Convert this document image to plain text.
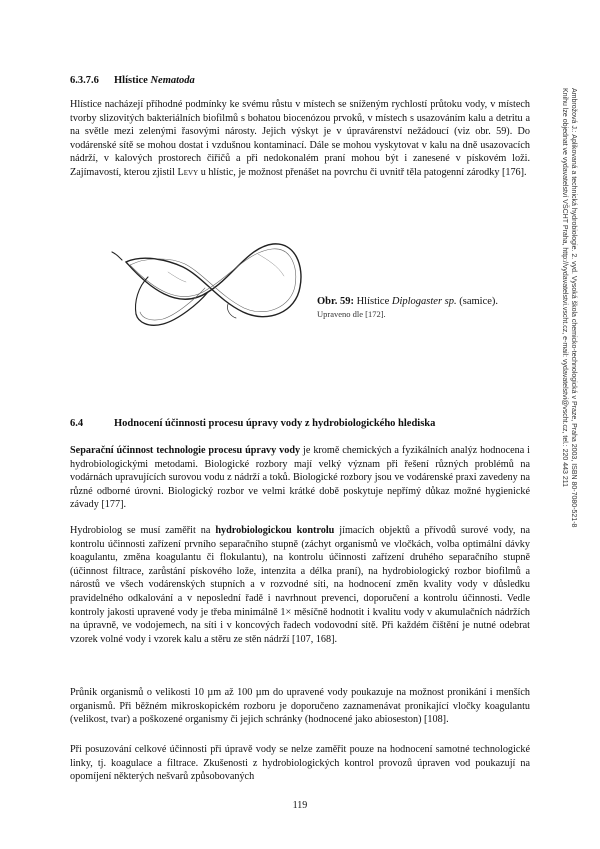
6.3.7.6 Hlístice Nematoda
Hlístice nacházejí příhodné podmínky ke svému růstu v místech se sníženým rychlostí průtoku vody, v místech tvorby slizovitých bakteriálních biofilmů s bohatou biocenózou prvoků, v místech s usazováním kalu a detritu a na světle mezi zelenými řasovými nárosty. Jejich výskyt je v úpravárenství nežádoucí (viz obr. 59). Do vodárenské sítě se mohou dostat i vzdušnou kontaminací. Dále se mohou vyskytovat v kalu na dně usazovacích nádrží, v kalových prostorech čiřičů a při nedokonalém praní mohou být i zanesené v pískovém loži. Zajímavostí, kterou zjistil Levy u hlístic, je možnost přenášet na povrchu či uvnitř těla patogenní zárodky [176].
Obr. 59: Hlístice Diplogaster sp. (samice).
Upraveno dle [172].
6.4	Hodnocení účinnosti procesu úpravy vody z hydrobiologického hlediska
Separační účinnost technologie procesu úpravy vody je kromě chemických a fyzikálních analýz hodnocena i hydrobiologickými metodami. Biologické rozbory mají velký význam při řešení různých problémů na vodárnách upravujících surovou vodu z nádrží a toků. Biologické rozbory jsou ve vodárenské praxi zavedeny na různé odborné úrovni. Biologický rozbor ve velmi krátké době poskytuje nepřímý důkaz možné hygienické závady [177].
Hydrobiolog se musí zaměřit na hydrobiologickou kontrolu jímacích objektů a přívodů surové vody, na kontrolu účinnosti zařízení prvního separačního stupně (záchyt organismů ve vločkách, volba optimální dávky koagulantu, změna koagulantu či flokulantu), na kontrolu účinnosti zařízení druhého separačního stupně (účinnost filtrace, zarůstání pískového lože, intenzita a délka praní), na hydrobiologický rozbor biofilmů a nárostů ve všech vodárenských stupních a v rozvodné síti, na hodnocení změn kvality vody v důsledku pravidelného odkalování a v neposlední řadě i navrhnout prevenci, doporučení a kontrolu účinnosti. Vedle kontroly jakosti upravené vody je třeba minimálně 1× měsíčně hodnotit i kvalitu vody v akumulačních nádržích na úpravně, ve vodojemech, na síti i v koncových řadech vodovodní sítě. Při každém čištění je nutné odebrat vzorek volné vody i vzorek kalu a stěru ze stěn nádrží [107, 168].
Průnik organismů o velikosti 10 µm až 100 µm do upravené vody poukazuje na možnost pronikání i menších organismů. Při běžném mikroskopickém rozboru je doporučeno zaznamenávat pronikající vločky koagulantu (velikost, tvar) a poškozené organismy či jejich schránky (hodnocené jako abioseston) [108].
Při posuzování celkové účinnosti při úpravě vody se nelze zaměřit pouze na hodnocení samotné technologické linky, tj. koagulace a filtrace. Zkušenosti z hydrobiologických kontrol provozů úpraven vod poukazují na opomíjení některých nešvarů způsobovaných
Ambrožová J.: Aplikovaná a technická hydrobiologie. 2. vyd. Vysoká škola chemicko-technologická v Praze, Praha 2003, ISBN 80-7080-521-8
Knihu lze objednat ve vydavatelství VŠCHT Praha, http://vydavatelstvi.vscht.cz, e-mail: vydavatelstvi@vscht.cz, tel.: 220 443 211
119
